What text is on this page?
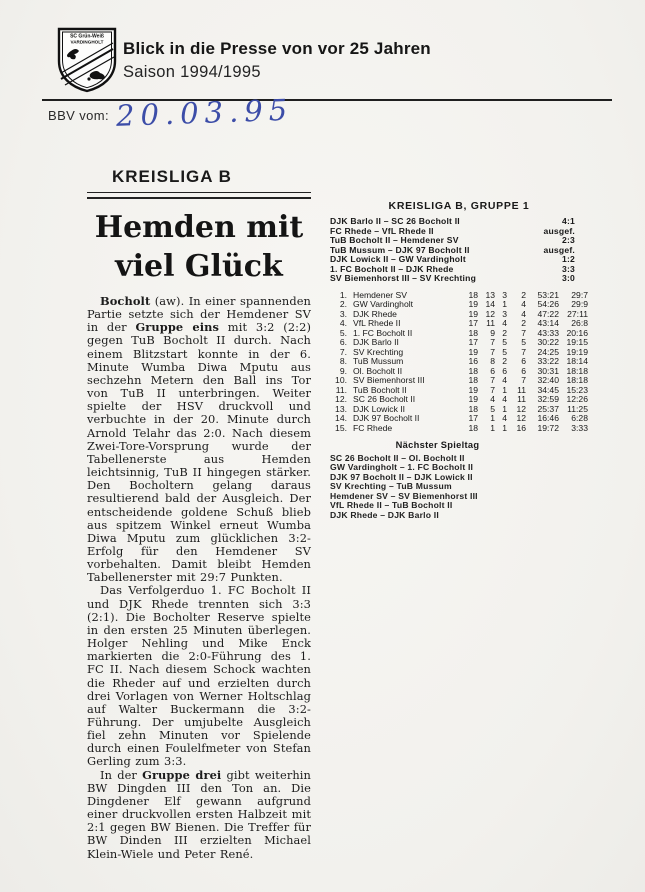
SC Grün-Weiß
VARDINGHOLT Blick in die Presse von vor 25 Jahren
Saison 1994/1995
BBV vom: 20.03.95
KREISLIGA B
Hemden mit viel Glück

Bocholt (aw). In einer spannenden Partie setzte sich der Hemdener SV in der Gruppe eins mit 3:2 (2:2) gegen TuB Bocholt II durch. Nach einem Blitzstart konnte in der 6. Minute Wumba Diwa Mputu aus sechzehn Metern den Ball ins Tor von TuB II unterbringen. Weiter spielte der HSV druckvoll und verbuchte in der 20. Minute durch Arnold Telahr das 2:0. Nach diesem Zwei-Tore-Vorsprung wurde der Tabellenerste aus Hemden leichtsinnig, TuB II hingegen stärker. Den Bocholtern gelang daraus resultierend bald der Ausgleich. Der entscheidende goldene Schuß blieb aus spitzem Winkel erneut Wumba Diwa Mputu zum glücklichen 3:2-Erfolg für den Hemdener SV vorbehalten. Damit bleibt Hemden Tabellenerster mit 29:7 Punkten.

Das Verfolgerduo 1. FC Bocholt II und DJK Rhede trennten sich 3:3 (2:1). Die Bocholter Reserve spielte in den ersten 25 Minuten überlegen. Holger Nehling und Mike Enck markierten die 2:0-Führung des 1. FC II. Nach diesem Schock wachten die Rheder auf und erzielten durch drei Vorlagen von Werner Holtschlag auf Walter Buckermann die 3:2-Führung. Der umjubelte Ausgleich fiel zehn Minuten vor Spielende durch einen Foulelfmeter von Stefan Gerling zum 3:3.

In der Gruppe drei gibt weiterhin BW Dingden III den Ton an. Die Dingdener Elf gewann aufgrund einer druckvollen ersten Halbzeit mit 2:1 gegen BW Bienen. Die Treffer für BW Dinden III erzielten Michael Klein-Wiele und Peter René.

KREISLIGA B, GRUPPE 1
DJK Barlo II – SC 26 Bocholt II	4:1
FC Rhede – VfL Rhede II	ausgef.
TuB Bocholt II – Hemdener SV	2:3
TuB Mussum – DJK 97 Bocholt II	ausgef.
DJK Lowick II – GW Vardingholt	1:2
1. FC Bocholt II – DJK Rhede	3:3
SV Biemenhorst III – SV Krechting	3:0
1. Hemdener SV	18 13 3	2	53:21	29:7
2. GW Vardingholt	19 14 1	4	54:26	29:9
3. DJK Rhede	19 12 3	4	47:22 27:11
4. VfL Rhede II	17 11 4	2	43:14	26:8
5. 1. FC Bocholt II	18	9 2	7	43:33 20:16
6. DJK Barlo II	17	7 5	5	30:22 19:15
7. SV Krechting	19	7 5	7	24:25 19:19
8. TuB Mussum	16	8 2	6	33:22 18:14
9. Ol. Bocholt II	18	6 6	6	30:31 18:18
10. SV Biemenhorst III	18	7 4	7	32:40 18:18
11. TuB Bocholt II	19	7 1	11	34:45 15:23
12. SC 26 Bocholt II	19	4 4	11	32:59 12:26
13. DJK Lowick II	18	5 1	12	25:37 11:25
14. DJK 97 Bocholt II	17	1 4	12	16:46	6:28
15. FC Rhede	18	1 1	16	19:72	3:33
Nächster Spieltag
SC 26 Bocholt II – Ol. Bocholt II
GW Vardingholt – 1. FC Bocholt II
DJK 97 Bocholt II – DJK Lowick II
SV Krechting – TuB Mussum
Hemdener SV – SV Biemenhorst III
VfL Rhede II – TuB Bocholt II
DJK Rhede – DJK Barlo II
